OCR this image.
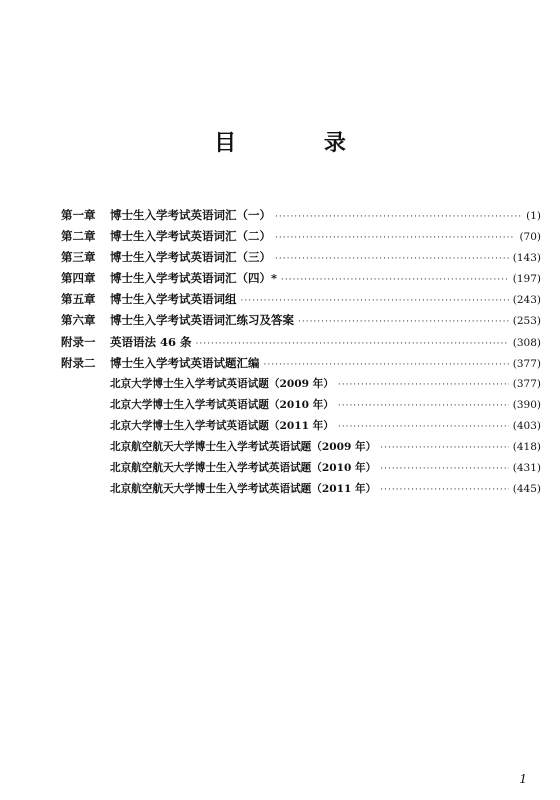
目 录
第一章 博士生入学考试英语词汇（一） ·····	(1)
第二章 博士生入学考试英语词汇（二） ·····	(70)
第三章 博士生入学考试英语词汇（三） ·····	(143)
第四章 博士生入学考试英语词汇（四）* ·····	(197)
第五章 博士生入学考试英语词组 ·····	(243)
第六章 博士生入学考试英语词汇练习及答案 ·····	(253)
附录一 英语语法 46 条 ·····	(308)
附录二 博士生入学考试英语试题汇编 ·····	(377)
北京大学博士生入学考试英语试题（2009 年） ·····	(377)
北京大学博士生入学考试英语试题（2010 年） ·····	(390)
北京大学博士生入学考试英语试题（2011 年） ·····	(403)
北京航空航天大学博士生入学考试英语试题（2009 年） ·····	(418)
北京航空航天大学博士生入学考试英语试题（2010 年） ·····	(431)
北京航空航天大学博士生入学考试英语试题（2011 年） ·····	(445)
1
